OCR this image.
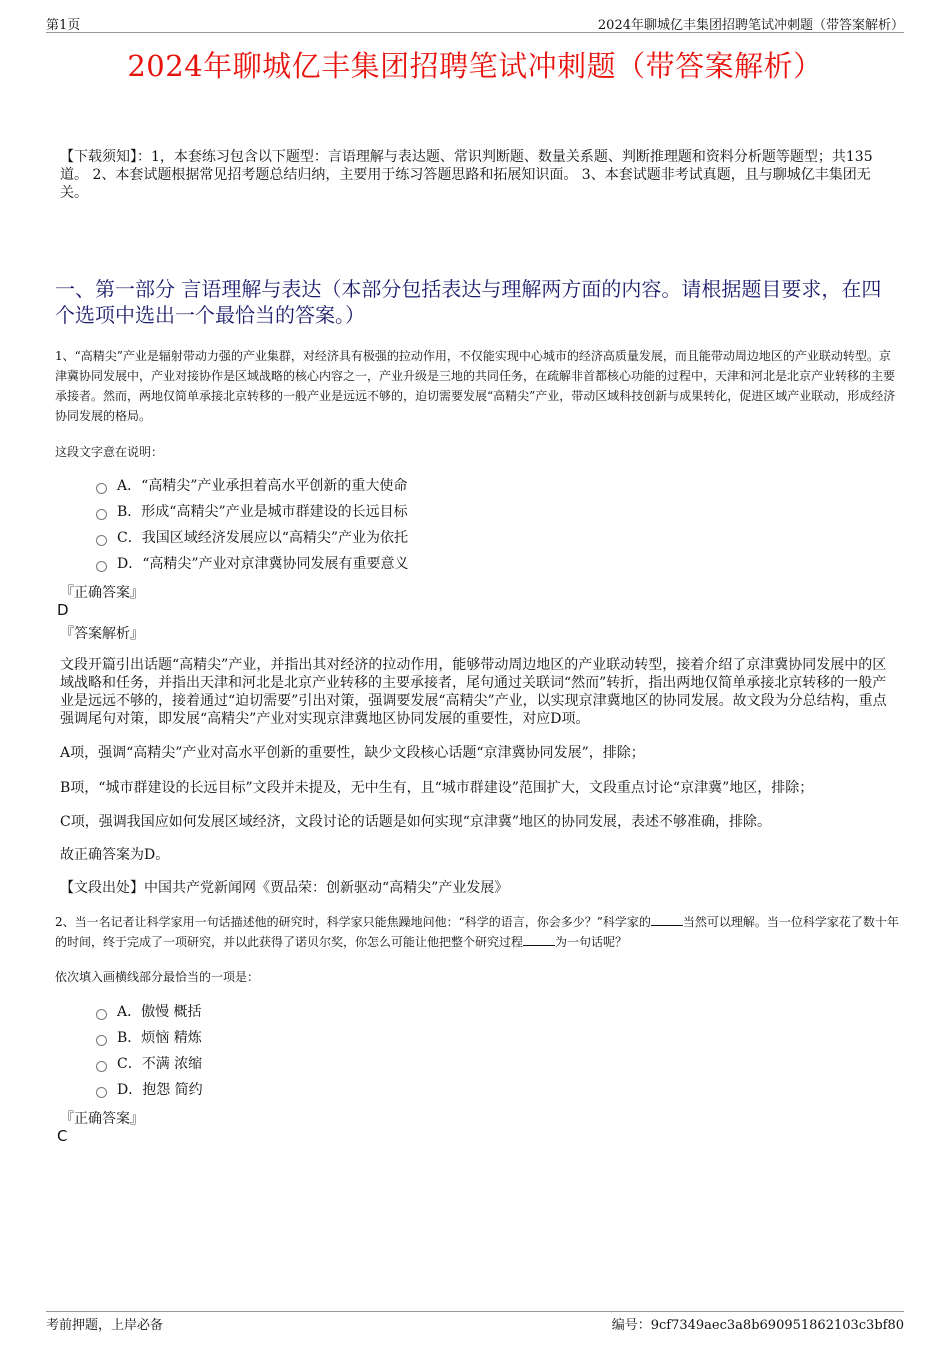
第1页	2024年聊城亿丰集团招聘笔试冲刺题（带答案解析）
2024年聊城亿丰集团招聘笔试冲刺题（带答案解析）
【下载须知】：1，本套练习包含以下题型：言语理解与表达题、常识判断题、数量关系题、判断推理题和资料分析题等题型；共135道。 2、本套试题根据常见招考题总结归纳，主要用于练习答题思路和拓展知识面。 3、本套试题非考试真题，且与聊城亿丰集团无关。
一、第一部分 言语理解与表达（本部分包括表达与理解两方面的内容。请根据题目要求，在四个选项中选出一个最恰当的答案。）
1、“高精尖”产业是辐射带动力强的产业集群，对经济具有极强的拉动作用，不仅能实现中心城市的经济高质量发展，而且能带动周边地区的产业联动转型。京津冀协同发展中，产业对接协作是区域战略的核心内容之一，产业升级是三地的共同任务，在疏解非首都核心功能的过程中，天津和河北是北京产业转移的主要承接者。然而，两地仅简单承接北京转移的一般产业是远远不够的，迫切需要发展“高精尖”产业，带动区域科技创新与成果转化，促进区域产业联动，形成经济协同发展的格局。
这段文字意在说明：
A．“高精尖”产业承担着高水平创新的重大使命
B．形成“高精尖”产业是城市群建设的长远目标
C．我国区域经济发展应以“高精尖”产业为依托
D．“高精尖”产业对京津冀协同发展有重要意义
『正确答案』
D
『答案解析』
文段开篇引出话题“高精尖”产业，并指出其对经济的拉动作用，能够带动周边地区的产业联动转型，接着介绍了京津冀协同发展中的区域战略和任务，并指出天津和河北是北京产业转移的主要承接者，尾句通过关联词“然而”转折，指出两地仅简单承接北京转移的一般产业是远远不够的，接着通过“迫切需要”引出对策，强调要发展“高精尖”产业，以实现京津冀地区的协同发展。故文段为分总结构，重点强调尾句对策，即发展“高精尖”产业对实现京津冀地区协同发展的重要性，对应D项。
A项，强调“高精尖”产业对高水平创新的重要性，缺少文段核心话题“京津冀协同发展”，排除；
B项，“城市群建设的长远目标”文段并未提及，无中生有，且“城市群建设”范围扩大，文段重点讨论“京津冀”地区，排除；
C项，强调我国应如何发展区域经济，文段讨论的话题是如何实现“京津冀”地区的协同发展，表述不够准确，排除。
故正确答案为D。
【文段出处】中国共产党新闻网《贾品荣：创新驱动“高精尖”产业发展》
2、当一名记者让科学家用一句话描述他的研究时，科学家只能焦躁地问他：“科学的语言，你会多少？”科学家的	当然可以理解。当一位科学家花了数十年的时间，终于完成了一项研究，并以此获得了诺贝尔奖，你怎么可能让他把整个研究过程	为一句话呢？
依次填入画横线部分最恰当的一项是：
A．傲慢 概括
B．烦恼 精炼
C．不满 浓缩
D．抱怨 简约
『正确答案』
C
考前押题，上岸必备	编号：9cf7349aec3a8b690951862103c3bf80
